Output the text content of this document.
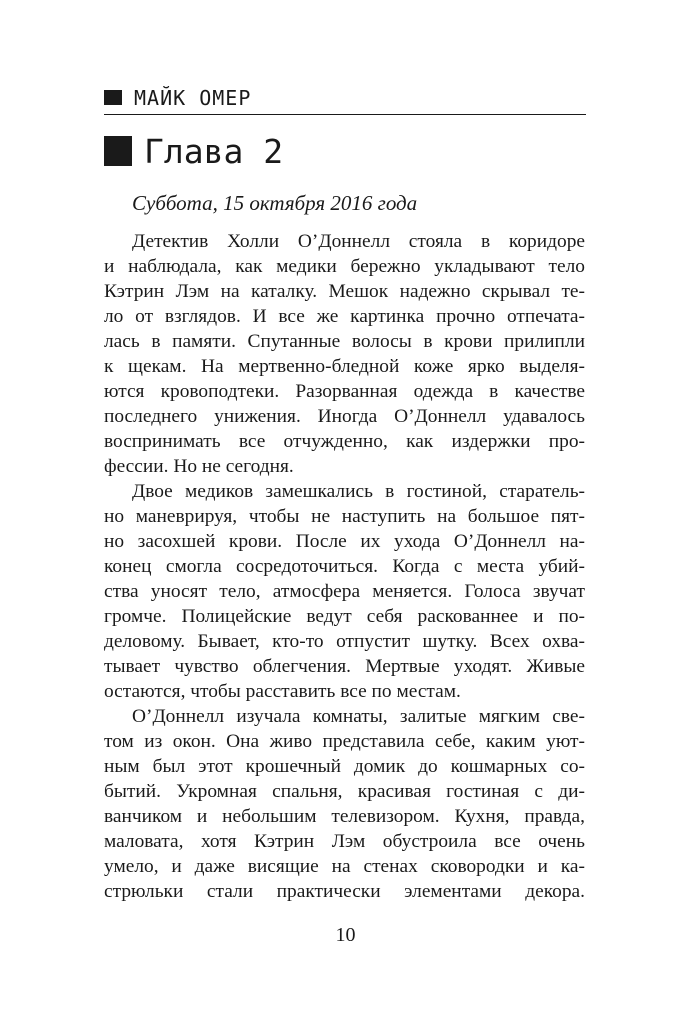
МАЙК ОМЕР
Глава 2
Суббота, 15 октября 2016 года
Детектив Холли О’Доннелл стояла в коридоре
и наблюдала, как медики бережно укладывают тело
Кэтрин Лэм на каталку. Мешок надежно скрывал те-
ло от взглядов. И все же картинка прочно отпечата-
лась в памяти. Спутанные волосы в крови прилипли
к щекам. На мертвенно-бледной коже ярко выделя-
ются кровоподтеки. Разорванная одежда в качестве
последнего унижения. Иногда О’Доннелл удавалось
воспринимать все отчужденно, как издержки про-
фессии. Но не сегодня.
Двое медиков замешкались в гостиной, старатель-
но маневрируя, чтобы не наступить на большое пят-
но засохшей крови. После их ухода О’Доннелл на-
конец смогла сосредоточиться. Когда с места убий-
ства уносят тело, атмосфера меняется. Голоса звучат
громче. Полицейские ведут себя раскованнее и по-
деловому. Бывает, кто-то отпустит шутку. Всех охва-
тывает чувство облегчения. Мертвые уходят. Живые
остаются, чтобы расставить все по местам.
О’Доннелл изучала комнаты, залитые мягким све-
том из окон. Она живо представила себе, каким уют-
ным был этот крошечный домик до кошмарных со-
бытий. Укромная спальня, красивая гостиная с ди-
ванчиком и небольшим телевизором. Кухня, правда,
маловата, хотя Кэтрин Лэм обустроила все очень
умело, и даже висящие на стенах сковородки и ка-
стрюльки стали практически элементами декора.
10
